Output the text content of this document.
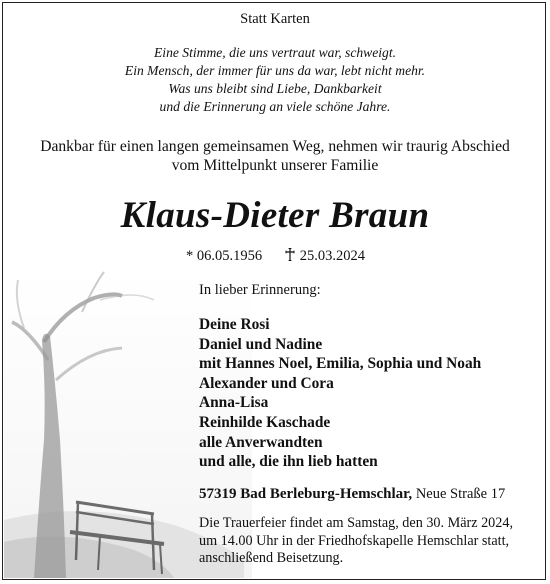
Statt Karten
Eine Stimme, die uns vertraut war, schweigt.
Ein Mensch, der immer für uns da war, lebt nicht mehr.
Was uns bleibt sind Liebe, Dankbarkeit
und die Erinnerung an viele schöne Jahre.
Dankbar für einen langen gemeinsamen Weg, nehmen wir traurig Abschied
vom Mittelpunkt unserer Familie
Klaus-Dieter Braun
* 06.05.1956	25.03.2024
In lieber Erinnerung:
Deine Rosi
Daniel und Nadine
mit Hannes Noel, Emilia, Sophia und Noah
Alexander und Cora
Anna-Lisa
Reinhilde Kaschade
alle Anverwandten
und alle, die ihn lieb hatten
57319 Bad Berleburg-Hemschlar, Neue Straße 17
Die Trauerfeier findet am Samstag, den 30. März 2024,
um 14.00 Uhr in der Friedhofskapelle Hemschlar statt,
anschließend Beisetzung.
